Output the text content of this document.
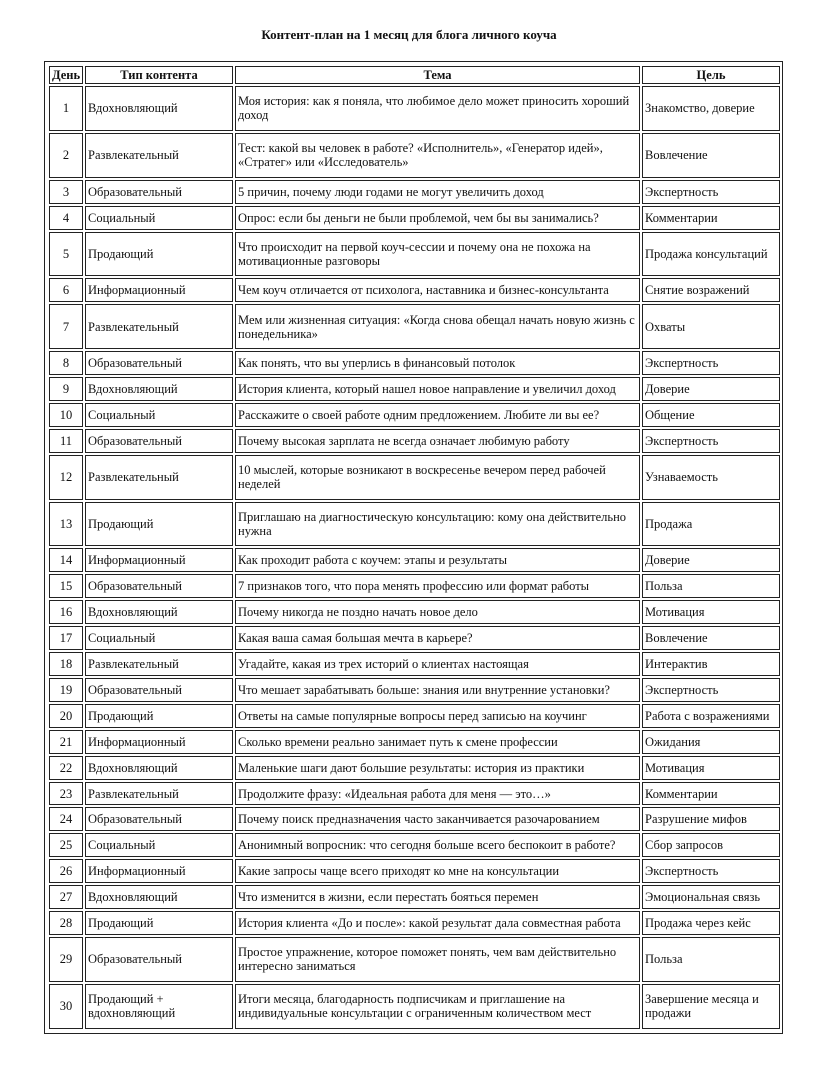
Контент-план на 1 месяц для блога личного коуча
День	Тип контента	Тема	Цель
1	Вдохновляющий	Моя история: как я поняла, что любимое дело может приносить хороший доход	Знакомство, доверие
2	Развлекательный	Тест: какой вы человек в работе? «Исполнитель», «Генератор идей», «Стратег» или «Исследователь»	Вовлечение
3	Образовательный	5 причин, почему люди годами не могут увеличить доход	Экспертность
4	Социальный	Опрос: если бы деньги не были проблемой, чем бы вы занимались?	Комментарии
5	Продающий	Что происходит на первой коуч-сессии и почему она не похожа на мотивационные разговоры	Продажа консультаций
6	Информационный	Чем коуч отличается от психолога, наставника и бизнес-консультанта	Снятие возражений
7	Развлекательный	Мем или жизненная ситуация: «Когда снова обещал начать новую жизнь с понедельника»	Охваты
8	Образовательный	Как понять, что вы уперлись в финансовый потолок	Экспертность
9	Вдохновляющий	История клиента, который нашел новое направление и увеличил доход	Доверие
10	Социальный	Расскажите о своей работе одним предложением. Любите ли вы ее?	Общение
11	Образовательный	Почему высокая зарплата не всегда означает любимую работу	Экспертность
12	Развлекательный	10 мыслей, которые возникают в воскресенье вечером перед рабочей неделей	Узнаваемость
13	Продающий	Приглашаю на диагностическую консультацию: кому она действительно нужна	Продажа
14	Информационный	Как проходит работа с коучем: этапы и результаты	Доверие
15	Образовательный	7 признаков того, что пора менять профессию или формат работы	Польза
16	Вдохновляющий	Почему никогда не поздно начать новое дело	Мотивация
17	Социальный	Какая ваша самая большая мечта в карьере?	Вовлечение
18	Развлекательный	Угадайте, какая из трех историй о клиентах настоящая	Интерактив
19	Образовательный	Что мешает зарабатывать больше: знания или внутренние установки?	Экспертность
20	Продающий	Ответы на самые популярные вопросы перед записью на коучинг	Работа с возражениями
21	Информационный	Сколько времени реально занимает путь к смене профессии	Ожидания
22	Вдохновляющий	Маленькие шаги дают большие результаты: история из практики	Мотивация
23	Развлекательный	Продолжите фразу: «Идеальная работа для меня — это…»	Комментарии
24	Образовательный	Почему поиск предназначения часто заканчивается разочарованием	Разрушение мифов
25	Социальный	Анонимный вопросник: что сегодня больше всего беспокоит в работе?	Сбор запросов
26	Информационный	Какие запросы чаще всего приходят ко мне на консультации	Экспертность
27	Вдохновляющий	Что изменится в жизни, если перестать бояться перемен	Эмоциональная связь
28	Продающий	История клиента «До и после»: какой результат дала совместная работа	Продажа через кейс
29	Образовательный	Простое упражнение, которое поможет понять, чем вам действительно интересно заниматься	Польза
30	Продающий + вдохновляющий	Итоги месяца, благодарность подписчикам и приглашение на индивидуальные консультации с ограниченным количеством мест	Завершение месяца и продажи
